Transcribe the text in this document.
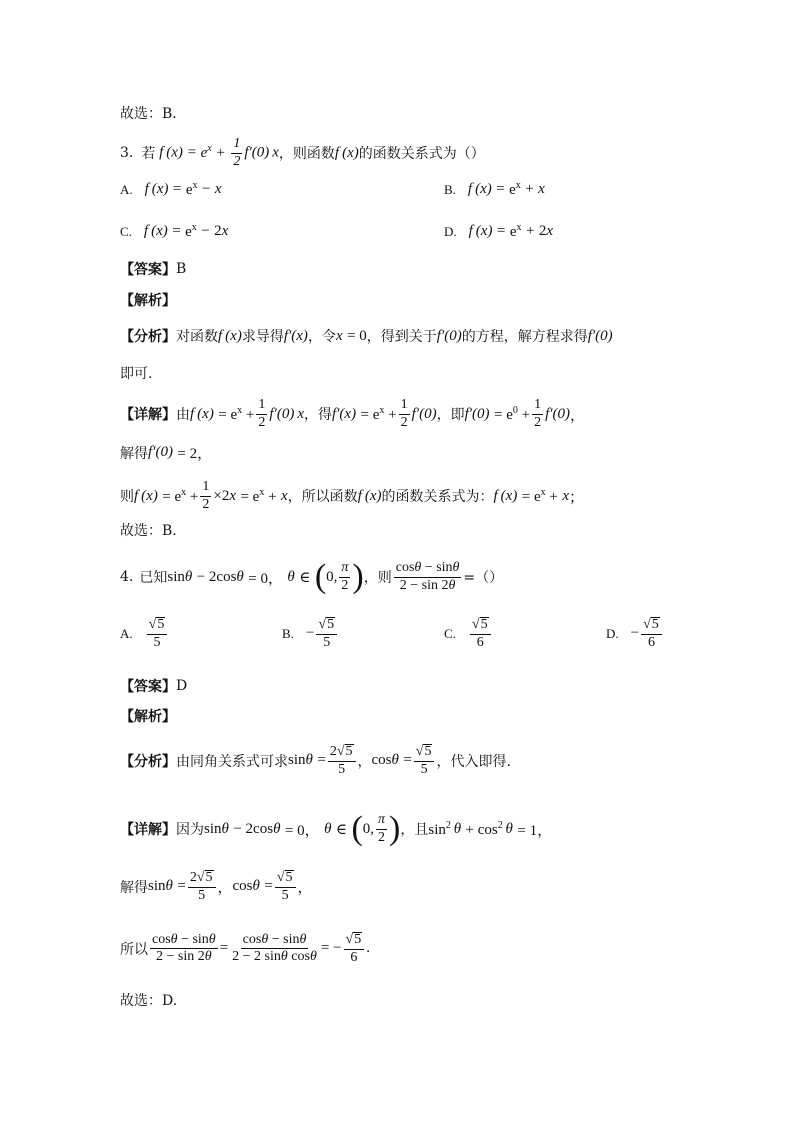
故选：B.
3. 若 f $(x) = e^x + \frac{1}{2} f'(0)$ x ，则函数 f (x) 的函数关系式为（）
A. f (x)
=
$e^x$
−
x	B. f (x)
=
$e^x$
+
x
C. f (x)
=
$e^x$
−
2 x	D. f (x)
=
$e^x$
+
2 x
【答案】 B
【解析】
【分析】 对函数 f (x) 求导得 f′(x) ，令 x
= 0 ，得到关于 f′(0) 的方程，解方程求得 f′(0)
即可.
【详解】 由 f (x)
= $e^x + \frac{1}{2} f'(0)$ x ，得 f′(x)
= $e^x + \frac{1}{2} f'(0)$ ，即 f′(0)
= $e^0 + \frac{1}{2} f'(0)$ ，
解得 f′(0)
= 2，
则 f (x)
= $e^x + \frac{1}{2} \times 2$ x
= $e^x$ +
x ，所以函数 f (x) 的函数关系式为： f (x)
= $e^x$ +
x ；
故选：B.
4. 已知 sin θ
− 2cos θ
= 0，
θ
∈
( 0, $\frac{\pi}{2}$ ) ，则 $\frac{\cos\theta - \sin\theta}{2 - \sin 2\theta}$ =（）
A. $\frac{√ 5}{5}$	B. − $\frac{√ 5}{5}$	C. $\frac{√ 5}{6}$	D. − $\frac{√ 5}{6}$
【答案】 D
【解析】
【分析】 由同角关系式可求 sin θ
= $\frac{2√ 5}{5}$ ， cos θ
= $\frac{√ 5}{5}$ ，代入即得.
【详解】 因为 sin θ
− 2cos θ
= 0，
θ
∈
( 0, $\frac{\pi}{2}$ ) ，且 $\sin^2$
  θ
+ $\cos^2$
  θ
= 1，
解得 sin θ
= $\frac{2√ 5}{5}$ ， cos θ
= $\frac{√ 5}{5}$ ，
所以 $\frac{\cos\theta - \sin\theta}{2 - \sin 2\theta} = \frac{\cos\theta - \sin\theta}{\text{2 − 2 sinθ cosθ}}$ = − $\frac{√ 5}{6}$ .
故选：D.
